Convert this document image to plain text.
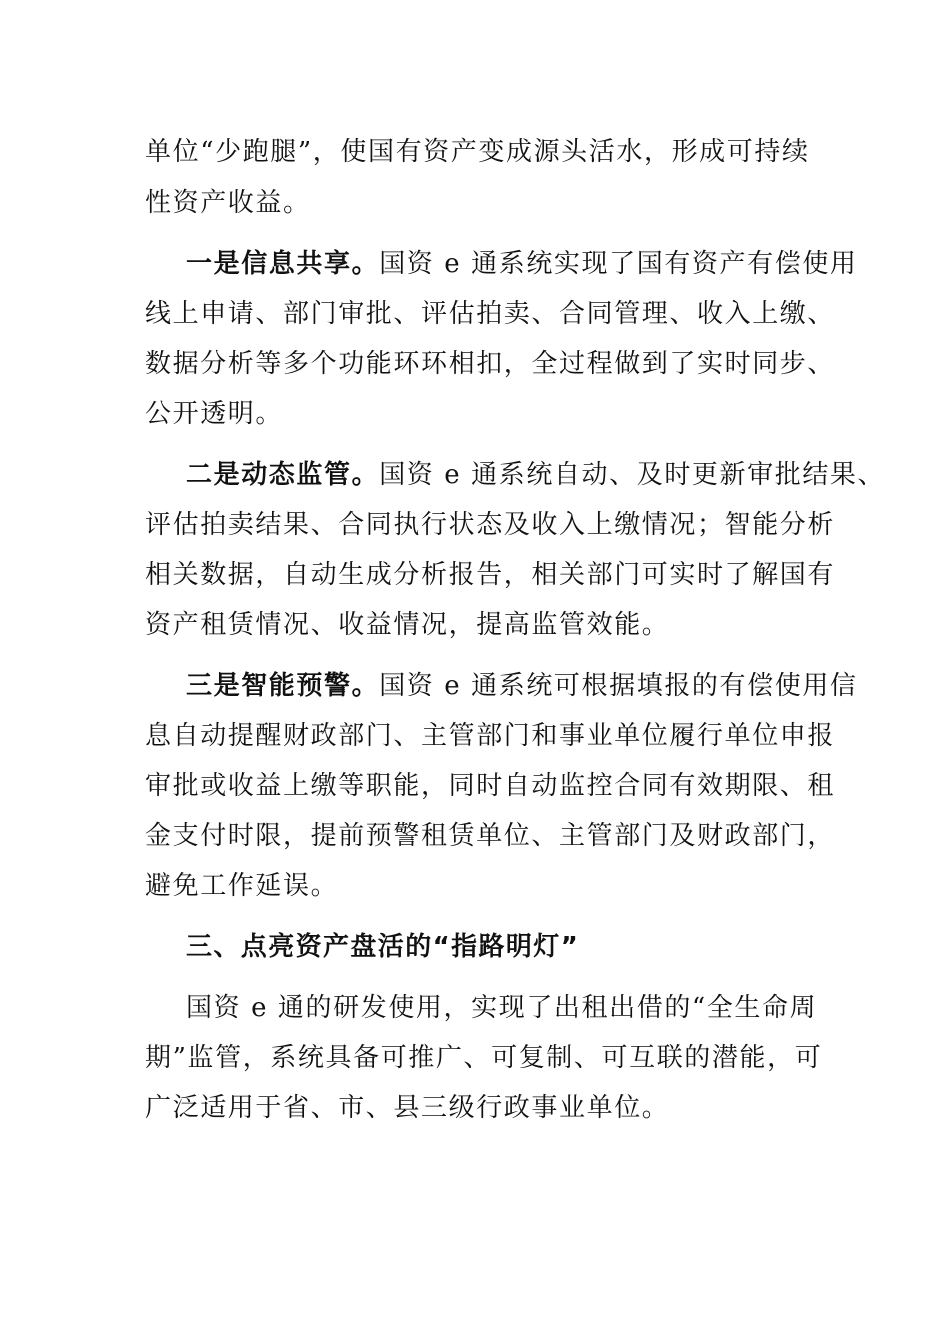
单位“少跑腿”，使国有资产变成源头活水，形成可持续
性资产收益。
一是信息共享。国资 e 通系统实现了国有资产有偿使用
线上申请、部门审批、评估拍卖、合同管理、收入上缴、
数据分析等多个功能环环相扣，全过程做到了实时同步、
公开透明。
二是动态监管。国资 e 通系统自动、及时更新审批结果、
评估拍卖结果、合同执行状态及收入上缴情况；智能分析
相关数据，自动生成分析报告，相关部门可实时了解国有
资产租赁情况、收益情况，提高监管效能。
三是智能预警。国资 e 通系统可根据填报的有偿使用信
息自动提醒财政部门、主管部门和事业单位履行单位申报
审批或收益上缴等职能，同时自动监控合同有效期限、租
金支付时限，提前预警租赁单位、主管部门及财政部门，
避免工作延误。
三、点亮资产盘活的“指路明灯”
国资 e 通的研发使用，实现了出租出借的“全生命周
期”监管，系统具备可推广、可复制、可互联的潜能，可
广泛适用于省、市、县三级行政事业单位。
